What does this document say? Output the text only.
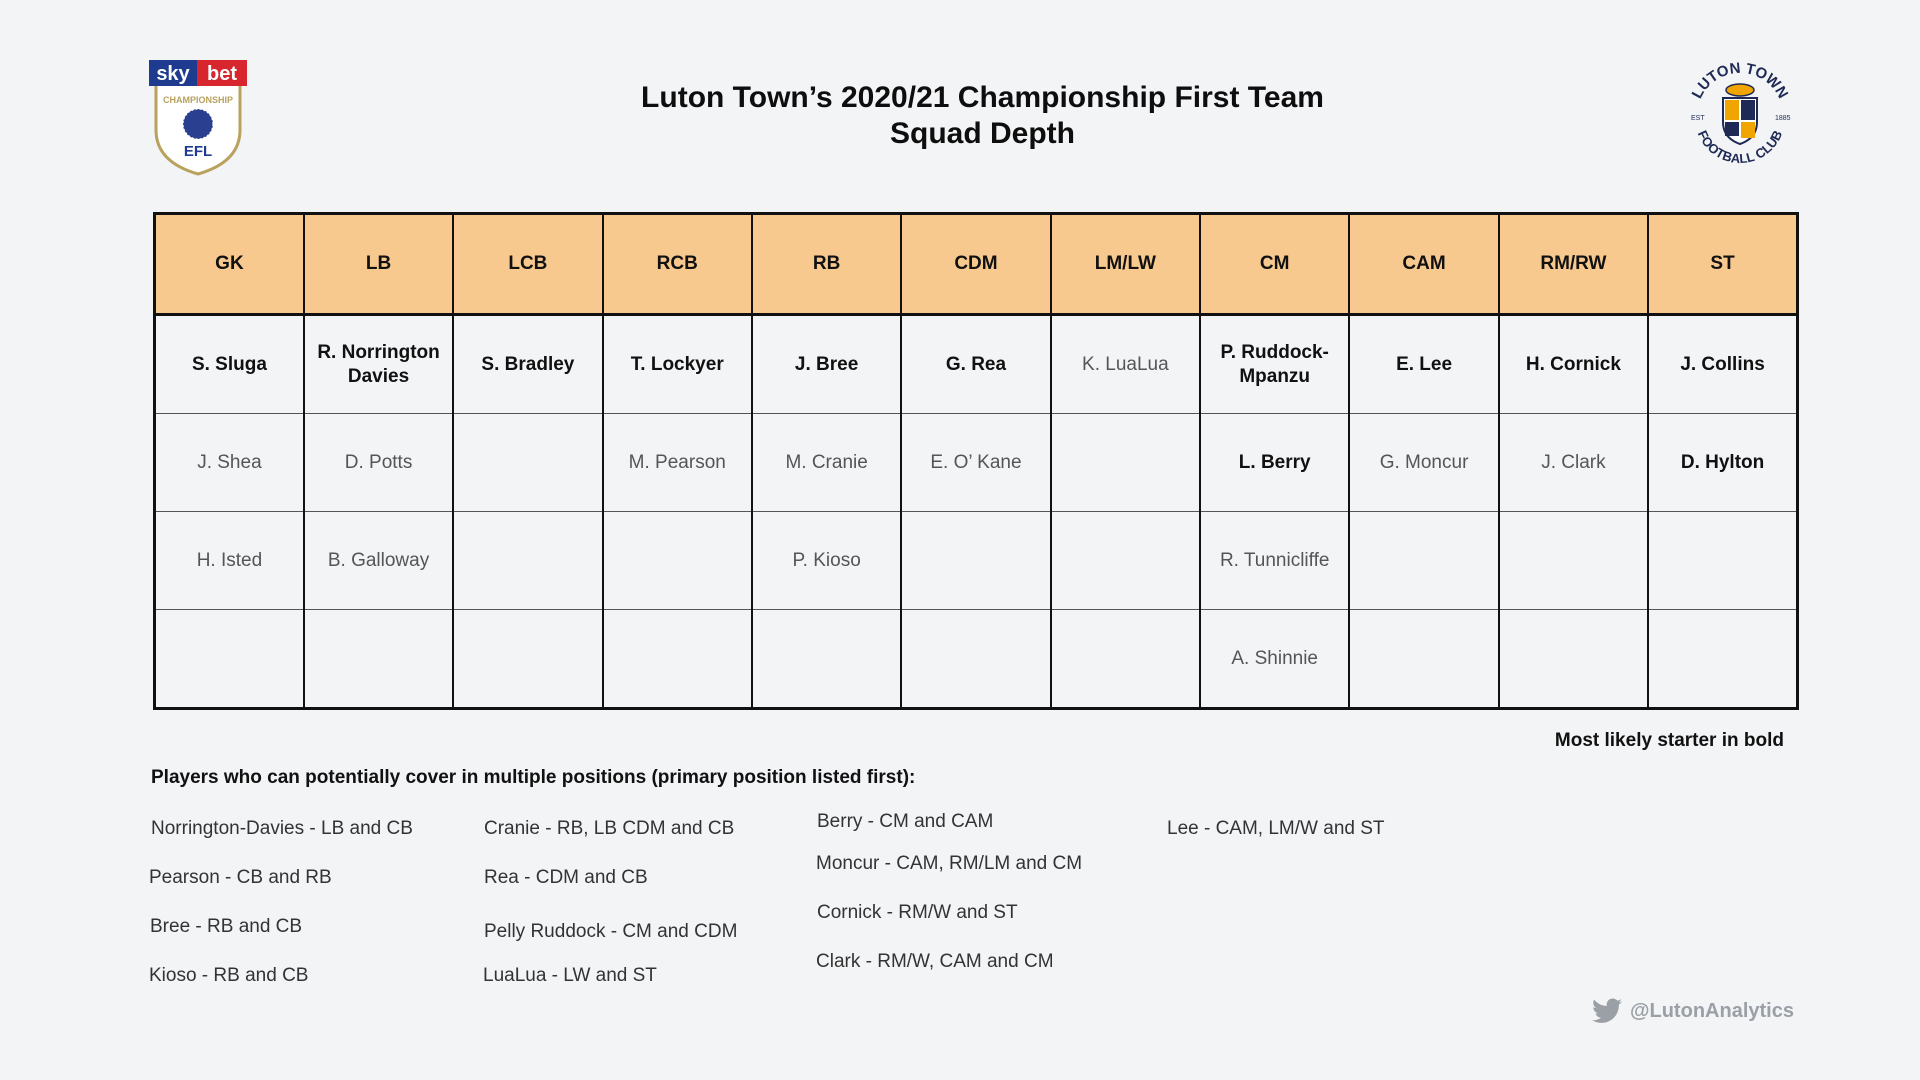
sky bet
CHAMPIONSHIP
EFL
Luton Town’s 2020/21 Championship First Team
Squad Depth
LUTON TOWN
FOOTBALL CLUB
EST	1885
GK	LB	LCB	RCB	RB	CDM	LM/LW	CM	CAM	RM/RW	ST
S. Sluga	R. Norrington Davies	S. Bradley	T. Lockyer	J. Bree	G. Rea	K. LuaLua	P. Ruddock-Mpanzu	E. Lee	H. Cornick	J. Collins
J. Shea	D. Potts		M. Pearson	M. Cranie	E. O’ Kane		L. Berry	G. Moncur	J. Clark	D. Hylton
H. Isted	B. Galloway			P. Kioso			R. Tunnicliffe			
							A. Shinnie			
Most likely starter in bold
Players who can potentially cover in multiple positions (primary position listed first):
Norrington-Davies - LB and CB
Pearson - CB and RB
Bree - RB and CB
Kioso - RB and CB
Cranie - RB, LB CDM and CB
Rea - CDM and CB
Pelly Ruddock - CM and CDM
LuaLua - LW and ST
Berry - CM and CAM
Moncur - CAM, RM/LM and CM
Cornick - RM/W and ST
Clark - RM/W, CAM and CM
Lee - CAM, LM/W and ST
@LutonAnalytics
